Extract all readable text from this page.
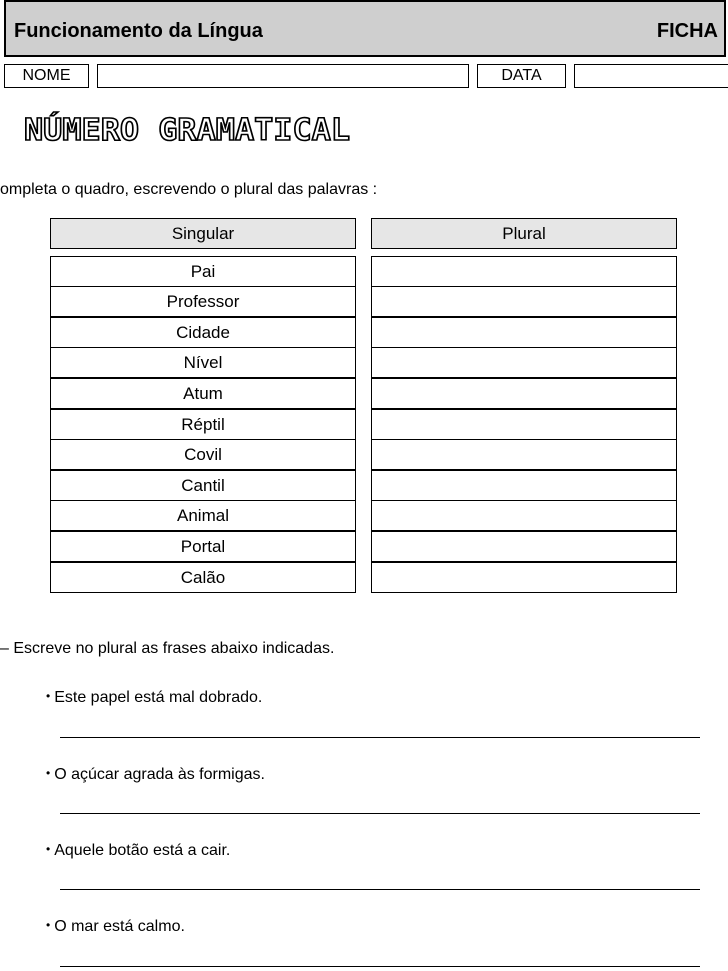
Funcionamento da Língua	FICHA
NOME	DATA
NÚMERO GRAMATICAL
ompleta o quadro, escrevendo o plural das palavras :
Singular	Plural
Pai
Professor
Cidade
Nível
Atum
Réptil
Covil
Cantil
Animal
Portal
Calão
– Escreve no plural as frases abaixo indicadas.
• Este papel está mal dobrado.
• O açúcar agrada às formigas.
• Aquele botão está a cair.
• O mar está calmo.
